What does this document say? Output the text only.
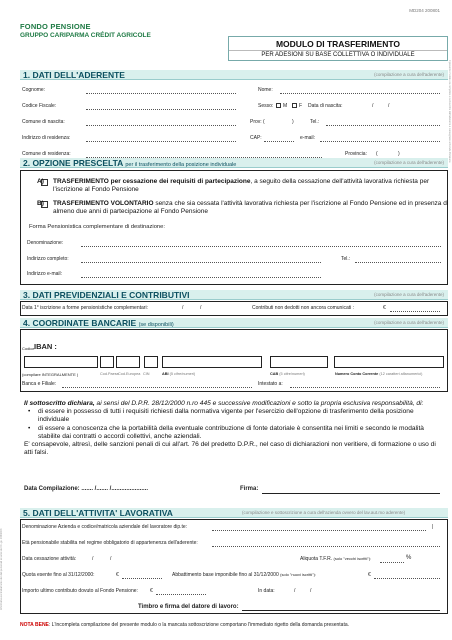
MD204 200801
FONDO PENSIONE
GRUPPO CARIPARMA CRÉDIT AGRICOLE
MODULO DI TRASFERIMENTO
PER ADESIONI SU BASE COLLETTIVA O INDIVIDUALE
Il presente modulo va compilato e sottoscritto dall'aderente e consegnato al Fondo Pensione.
Informativa sul trattamento dei dati personali ai sensi del D.Lgs. 196/2003
1. DATI DELL'ADERENTE	(compilazione a cura dell'aderente)
Cognome:	Nome:
Codice Fiscale:	Sesso: M F Data di nascita:	/	/
Comune di nascita:	Prov: (	)	Tel.:
Indirizzo di residenza:	CAP:	e-mail:
Comune di residenza:	Provincia: (	)
2. OPZIONE PRESCELTA per il trasferimento della posizione individuale	(compilazione a cura dell'aderente)
A) TRASFERIMENTO per cessazione dei requisiti di partecipazione, a seguito della cessazione dell'attività lavorativa richiesta per l'iscrizione al Fondo Pensione
B) TRASFERIMENTO VOLONTARIO senza che sia cessata l'attività lavorativa richiesta per l'iscrizione al Fondo Pensione ed in presenza di almeno due anni di partecipazione al Fondo Pensione
Forma Pensionistica complementare di destinazione:
Denominazione:
Indirizzo completo:	Tel.:
Indirizzo e-mail:
3. DATI PREVIDENZIALI E CONTRIBUTIVI	(compilazione a cura dell'aderente)
Data 1° iscrizione a forme pensionistiche complementari:	/	/	Contributi non dedotti non ancora comunicati :	€
4. COORDINATE BANCARIE (se disponibili)	(compilazione a cura dell'aderente)
Codice IBAN :
(compilare INTEGRALMENTE )	Cod.Paese Cod.Europea CIN	ABI (5 cifre/numeri)	CAB (5 cifre/numeri)	Numero Conto Corrente (12 caratteri alfanumerici)
Banca e Filiale:	Intestato a:
Il sottoscritto dichiara, ai sensi del D.P.R. 28/12/2000 n.ro 445 e successive modificazioni e sotto la propria esclusiva responsabilità, di:
• di essere in possesso di tutti i requisiti richiesti dalla normativa vigente per l'esercizio dell'opzione di trasferimento della posizione individuale
• di essere a conoscenza che la portabilità della eventuale contribuzione di fonte datoriale è consentita nei limiti e secondo le modalità stabilite dai contratti o accordi collettivi, anche aziendali.
E' consapevole, altresì, delle sanzioni penali di cui all'art. 76 del predetto D.P.R., nel caso di dichiarazioni non veritiere, di formazione o uso di atti falsi.
Data Compilazione: ....... /....... /......................	Firma:
5. DATI DELL'ATTIVITA' LAVORATIVA	(compilazione e sottoscrizione a cura dell'azienda ovvero del lav.aut.mo aderente)
Denominazione Azienda e codice/matricola aziendale del lavoratore dip.te:	|
Età pensionabile stabilita nel regime obbligatorio di appartenenza dell'aderente:
Data cessazione attività:	/	/	Aliquota T.F.R. (solo "vecchi iscritti"):	%
Quota esente fino al 31/12/2000:	€	Abbattimento base imponibile fino al 31/12/2000 (solo "nuovi iscritti"):	€
Importo ultimo contributo dovuto al Fondo Pensione: €	In data:	/	/
Timbro e firma del datore di lavoro:
NOTA BENE: L'incompleta compilazione del presente modulo o la mancata sottoscrizione comportano l'immediato rigetto della domanda presentata.
